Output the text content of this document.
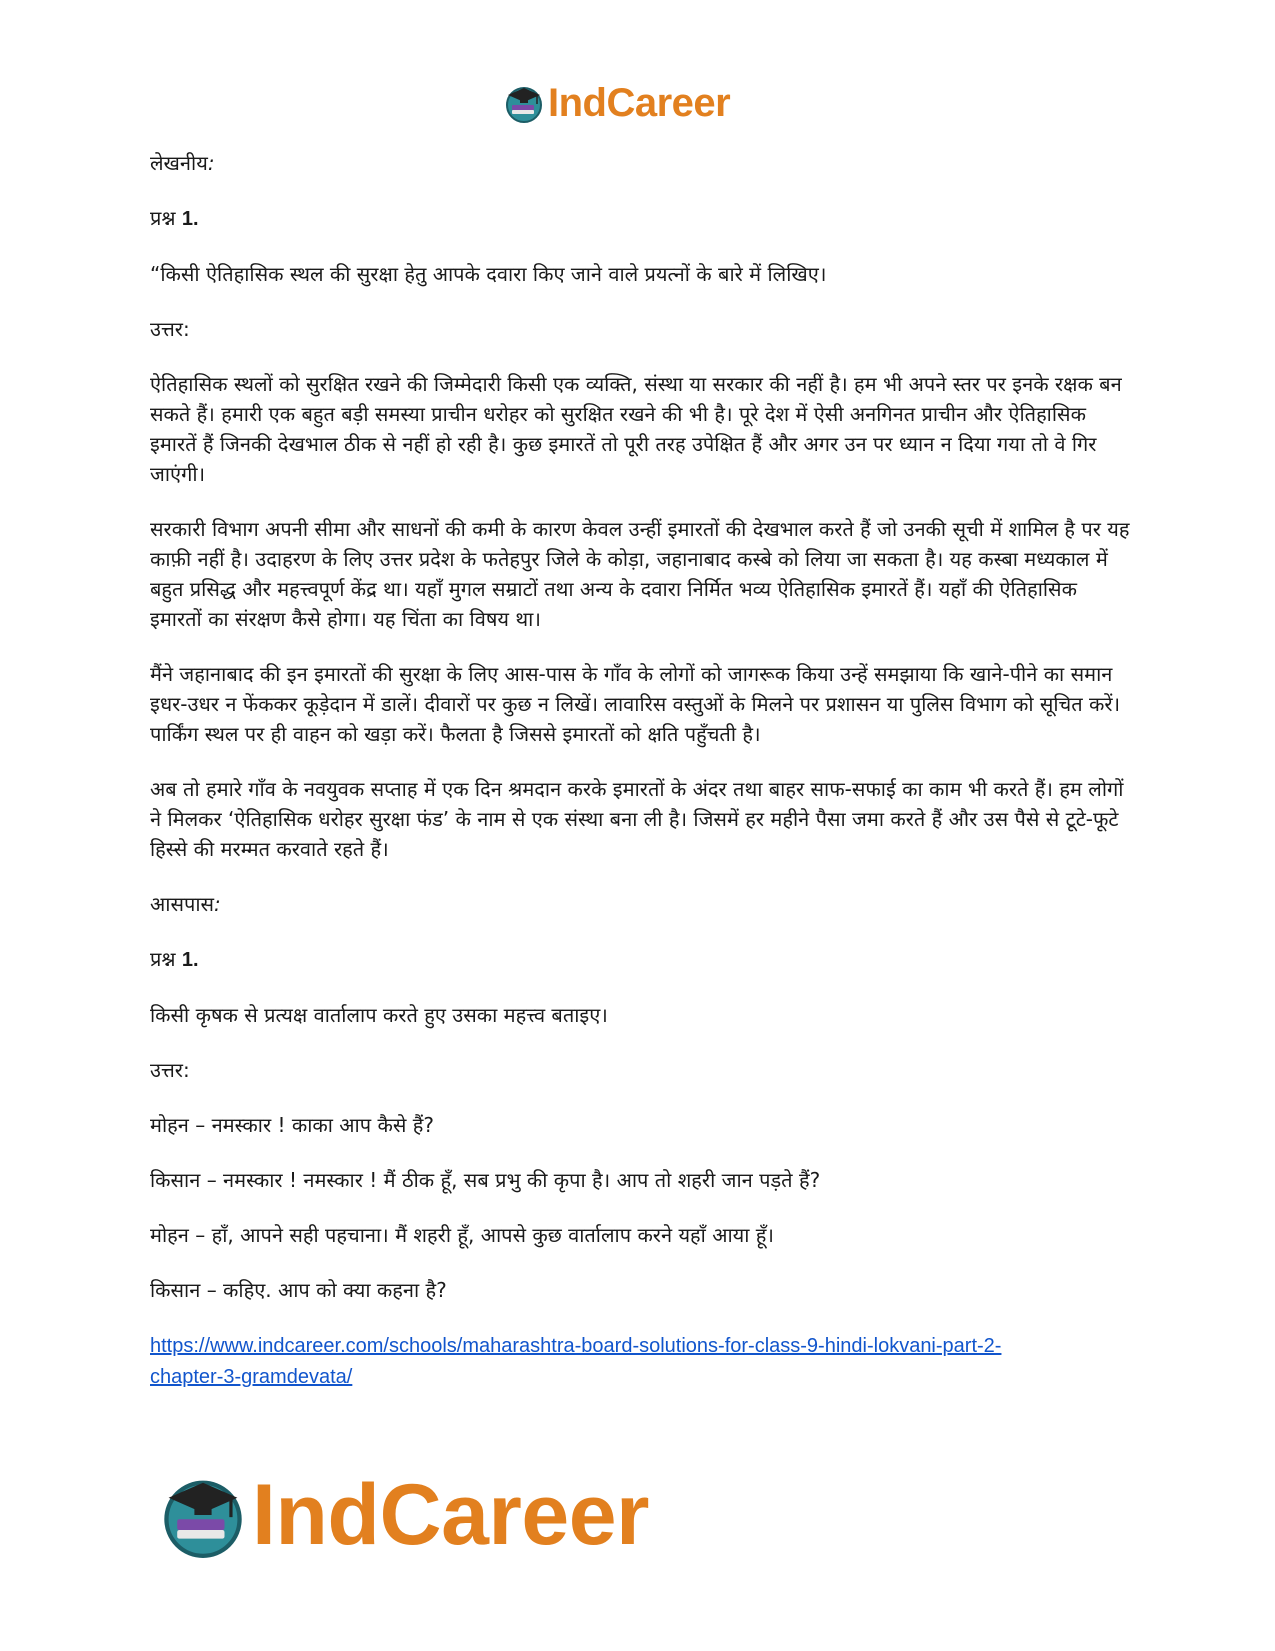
IndCareer

लेखनीय:

प्रश्न 1.

“किसी ऐतिहासिक स्थल की सुरक्षा हेतु आपके दवारा किए जाने वाले प्रयत्नों के बारे में लिखिए।

उत्तर:

ऐतिहासिक स्थलों को सुरक्षित रखने की जिम्मेदारी किसी एक व्यक्ति, संस्था या सरकार की नहीं है। हम भी अपने स्तर पर इनके रक्षक बन सकते हैं। हमारी एक बहुत बड़ी समस्या प्राचीन धरोहर को सुरक्षित रखने की भी है। पूरे देश में ऐसी अनगिनत प्राचीन और ऐतिहासिक इमारतें हैं जिनकी देखभाल ठीक से नहीं हो रही है। कुछ इमारतें तो पूरी तरह उपेक्षित हैं और अगर उन पर ध्यान न दिया गया तो वे गिर जाएंगी।

सरकारी विभाग अपनी सीमा और साधनों की कमी के कारण केवल उन्हीं इमारतों की देखभाल करते हैं जो उनकी सूची में शामिल है पर यह काफ़ी नहीं है। उदाहरण के लिए उत्तर प्रदेश के फतेहपुर जिले के कोड़ा, जहानाबाद कस्बे को लिया जा सकता है। यह कस्बा मध्यकाल में बहुत प्रसिद्ध और महत्त्वपूर्ण केंद्र था। यहाँ मुगल सम्राटों तथा अन्य के दवारा निर्मित भव्य ऐतिहासिक इमारतें हैं। यहाँ की ऐतिहासिक इमारतों का संरक्षण कैसे होगा। यह चिंता का विषय था।

मैंने जहानाबाद की इन इमारतों की सुरक्षा के लिए आस-पास के गाँव के लोगों को जागरूक किया उन्हें समझाया कि खाने-पीने का समान इधर-उधर न फेंककर कूड़ेदान में डालें। दीवारों पर कुछ न लिखें। लावारिस वस्तुओं के मिलने पर प्रशासन या पुलिस विभाग को सूचित करें। पार्किंग स्थल पर ही वाहन को खड़ा करें। फैलता है जिससे इमारतों को क्षति पहुँचती है।

अब तो हमारे गाँव के नवयुवक सप्ताह में एक दिन श्रमदान करके इमारतों के अंदर तथा बाहर साफ-सफाई का काम भी करते हैं। हम लोगों ने मिलकर ‘ऐतिहासिक धरोहर सुरक्षा फंड’ के नाम से एक संस्था बना ली है। जिसमें हर महीने पैसा जमा करते हैं और उस पैसे से टूटे-फूटे हिस्से की मरम्मत करवाते रहते हैं।

आसपास:

प्रश्न 1.

किसी कृषक से प्रत्यक्ष वार्तालाप करते हुए उसका महत्त्व बताइए।

उत्तर:

मोहन – नमस्कार ! काका आप कैसे हैं?

किसान – नमस्कार ! नमस्कार ! मैं ठीक हूँ, सब प्रभु की कृपा है। आप तो शहरी जान पड़ते हैं?

मोहन – हाँ, आपने सही पहचाना। मैं शहरी हूँ, आपसे कुछ वार्तालाप करने यहाँ आया हूँ।

किसान – कहिए. आप को क्या कहना है?

https://www.indcareer.com/schools/maharashtra-board-solutions-for-class-9-hindi-lokvani-part-2-
chapter-3-gramdevata/

IndCareer
